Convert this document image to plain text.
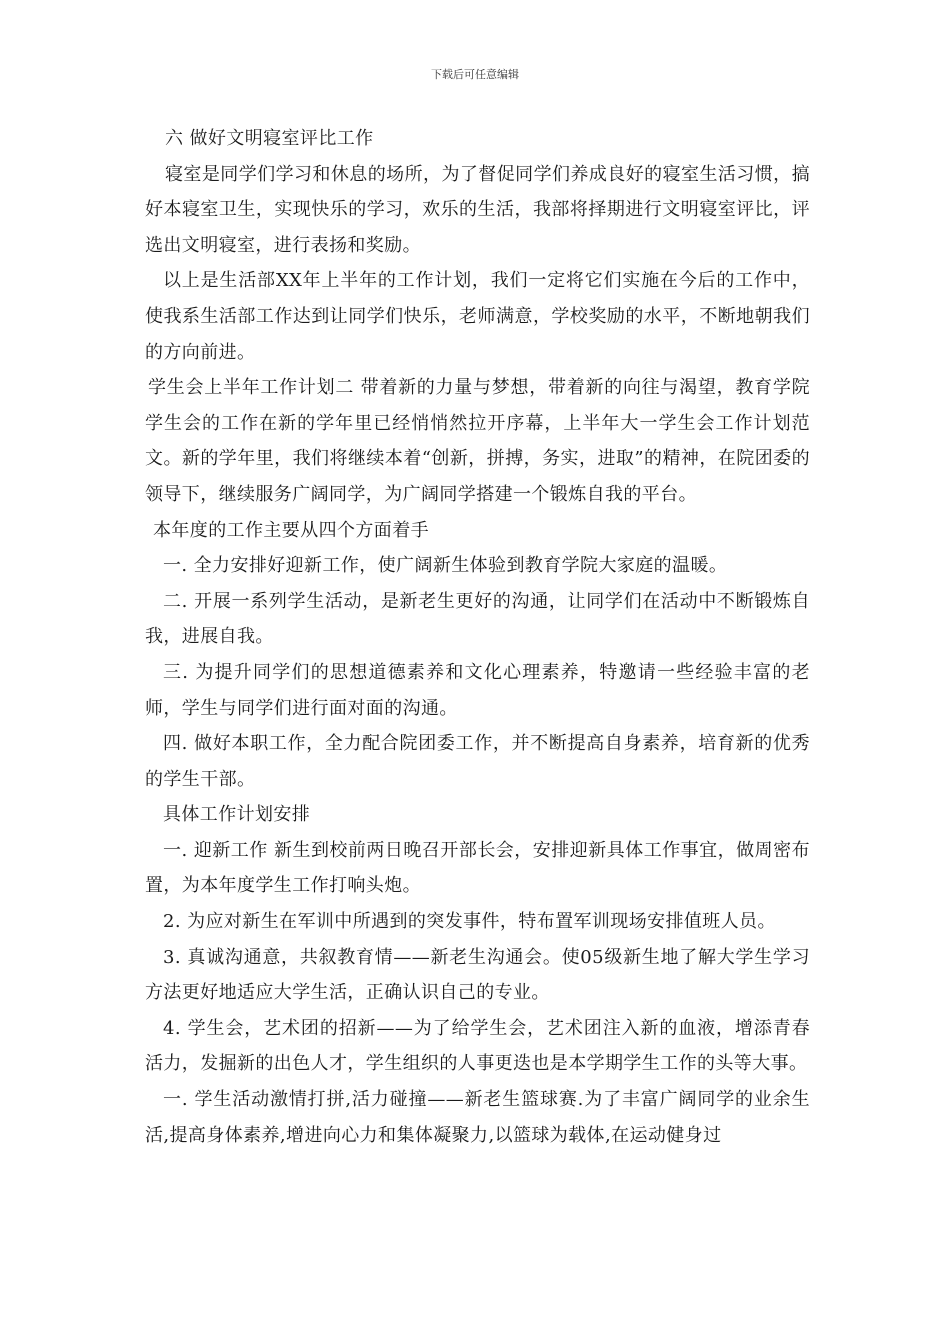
下载后可任意编辑

六 做好文明寝室评比工作

寝室是同学们学习和休息的场所，为了督促同学们养成良好的寝室生活习惯，搞好本寝室卫生，实现快乐的学习，欢乐的生活，我部将择期进行文明寝室评比，评选出文明寝室，进行表扬和奖励。

以上是生活部XX年上半年的工作计划，我们一定将它们实施在今后的工作中，使我系生活部工作达到让同学们快乐，老师满意，学校奖励的水平，不断地朝我们的方向前进。

学生会上半年工作计划二 带着新的力量与梦想，带着新的向往与渴望，教育学院学生会的工作在新的学年里已经悄悄然拉开序幕，上半年大一学生会工作计划范文。新的学年里，我们将继续本着“创新，拼搏，务实，进取”的精神，在院团委的领导下，继续服务广阔同学，为广阔同学搭建一个锻炼自我的平台。

本年度的工作主要从四个方面着手

一. 全力安排好迎新工作，使广阔新生体验到教育学院大家庭的温暖。

二. 开展一系列学生活动，是新老生更好的沟通，让同学们在活动中不断锻炼自我，进展自我。

三. 为提升同学们的思想道德素养和文化心理素养，特邀请一些经验丰富的老师，学生与同学们进行面对面的沟通。

四. 做好本职工作，全力配合院团委工作，并不断提高自身素养，培育新的优秀的学生干部。

具体工作计划安排

一. 迎新工作 新生到校前两日晚召开部长会，安排迎新具体工作事宜，做周密布置，为本年度学生工作打响头炮。

2. 为应对新生在军训中所遇到的突发事件，特布置军训现场安排值班人员。

3. 真诚沟通意，共叙教育情——新老生沟通会。使05级新生地了解大学生学习方法更好地适应大学生活，正确认识自己的专业。

4. 学生会，艺术团的招新——为了给学生会，艺术团注入新的血液，增添青春活力，发掘新的出色人才，学生组织的人事更迭也是本学期学生工作的头等大事。

一. 学生活动激情打拼,活力碰撞——新老生篮球赛.为了丰富广阔同学的业余生活,提高身体素养,增进向心力和集体凝聚力,以篮球为载体,在运动健身过
